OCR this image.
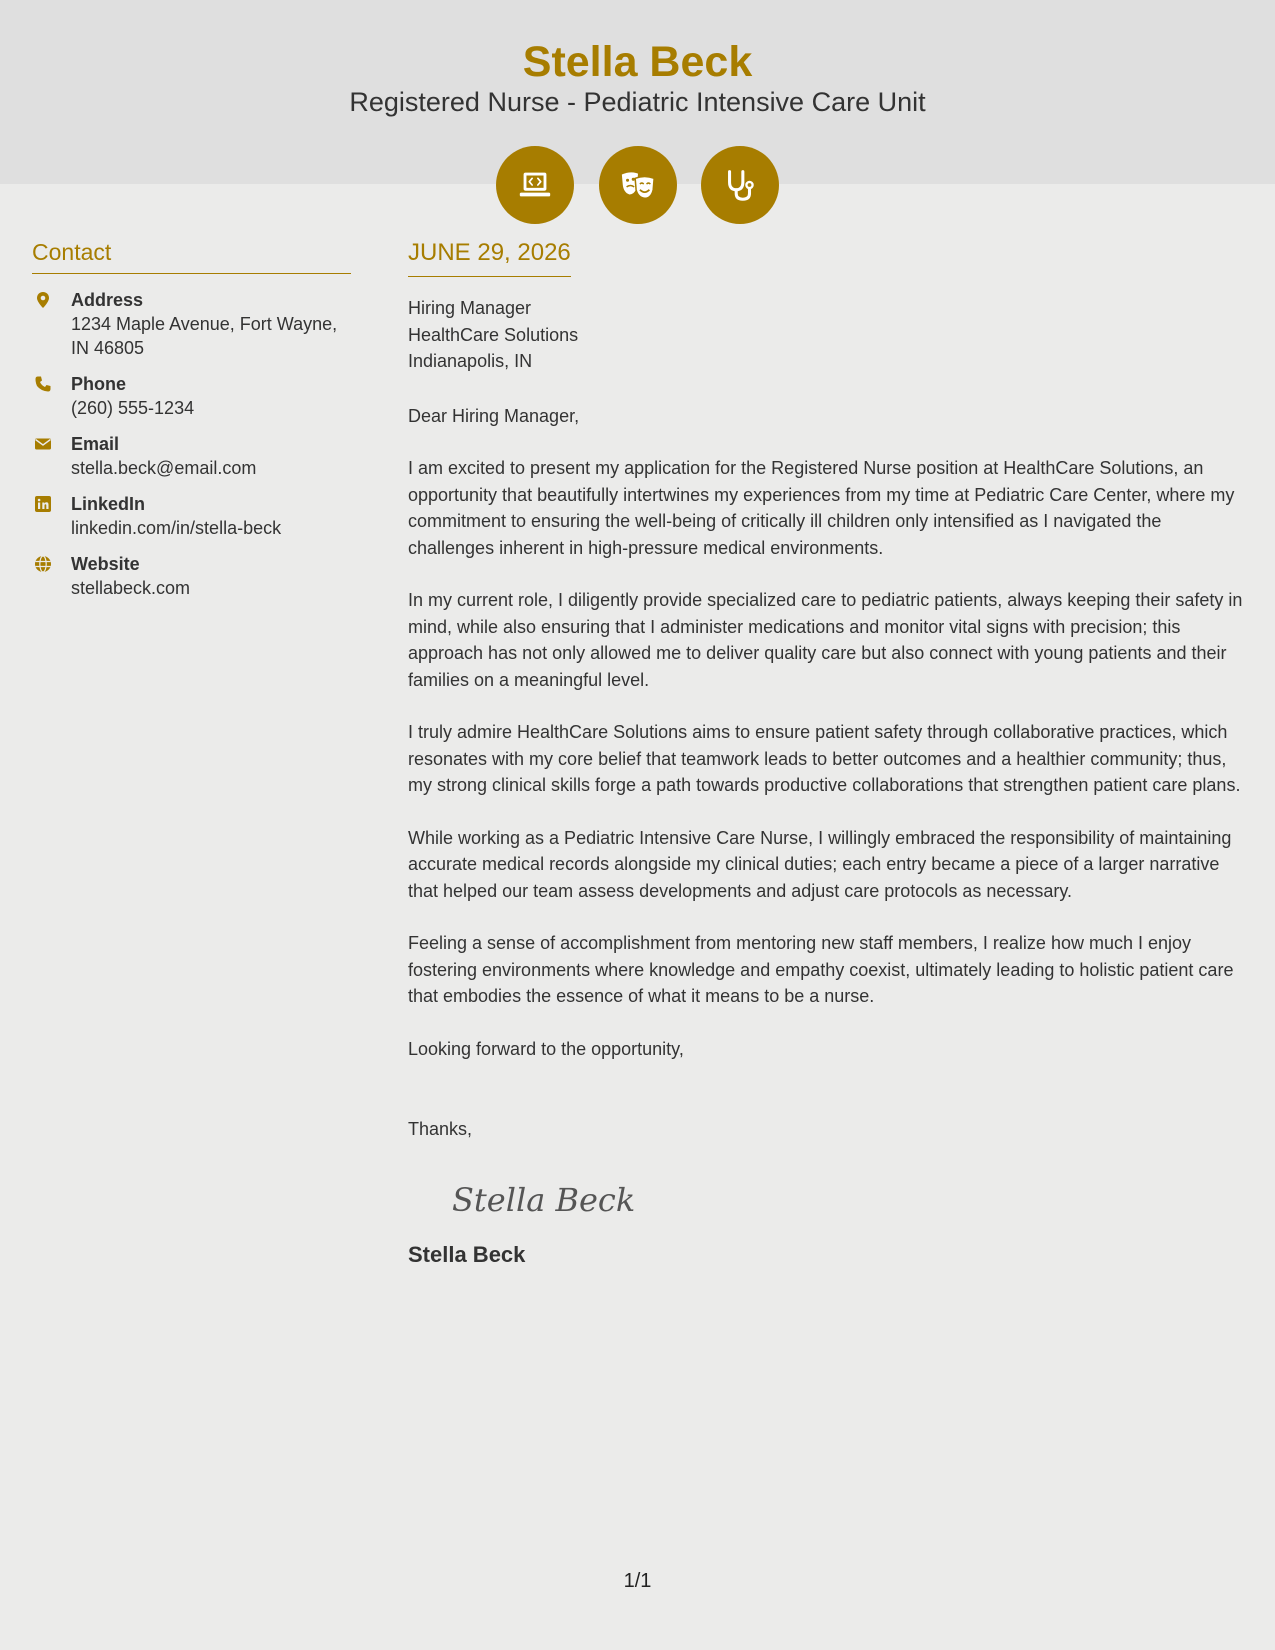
Stella Beck
Registered Nurse - Pediatric Intensive Care Unit
Contact
Address
1234 Maple Avenue, Fort Wayne,
IN 46805
Phone
(260) 555-1234
Email
stella.beck@email.com
LinkedIn
linkedin.com/in/stella-beck
Website
stellabeck.com
JUNE 29, 2026

Hiring Manager

HealthCare Solutions

Indianapolis, IN

Dear Hiring Manager,

I am excited to present my application for the Registered Nurse position at HealthCare Solutions, an opportunity that beautifully intertwines my experiences from my time at Pediatric Care Center, where my commitment to ensuring the well-being of critically ill children only intensified as I navigated the challenges inherent in high-pressure medical environments.

In my current role, I diligently provide specialized care to pediatric patients, always keeping their safety in mind, while also ensuring that I administer medications and monitor vital signs with precision; this approach has not only allowed me to deliver quality care but also connect with young patients and their families on a meaningful level.

I truly admire HealthCare Solutions aims to ensure patient safety through collaborative practices, which resonates with my core belief that teamwork leads to better outcomes and a healthier community; thus, my strong clinical skills forge a path towards productive collaborations that strengthen patient care plans.

While working as a Pediatric Intensive Care Nurse, I willingly embraced the responsibility of maintaining accurate medical records alongside my clinical duties; each entry became a piece of a larger narrative that helped our team assess developments and adjust care protocols as necessary.

Feeling a sense of accomplishment from mentoring new staff members, I realize how much I enjoy fostering environments where knowledge and empathy coexist, ultimately leading to holistic patient care that embodies the essence of what it means to be a nurse.

Looking forward to the opportunity,

Thanks,

Stella Beck
Stella Beck
1/1
